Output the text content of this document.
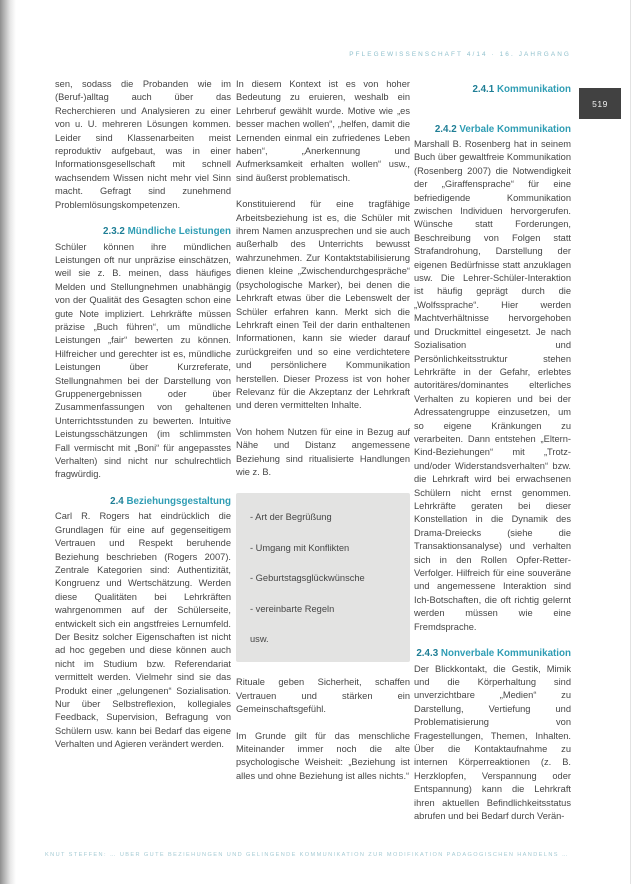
PFLEGEWISSENSCHAFT 4/14 · 16. JAHRGANG
519

sen, sodass die Probanden wie im (Beruf-)alltag auch über das Recherchieren und Analysieren zu einer von u. U. mehreren Lösungen kommen. Leider sind Klassenarbeiten meist reproduktiv aufgebaut, was in einer Informationsgesellschaft mit schnell wachsendem Wissen nicht mehr viel Sinn macht. Gefragt sind zunehmend Problemlösungskompetenzen.

2.3.2 Mündliche Leistungen

Schüler können ihre mündlichen Leistungen oft nur unpräzise einschätzen, weil sie z. B. meinen, dass häufiges Melden und Stellungnehmen unabhängig von der Qualität des Gesagten schon eine gute Note impliziert. Lehrkräfte müssen präzise „Buch führen“, um mündliche Leistungen „fair“ bewerten zu können. Hilfreicher und gerechter ist es, mündliche Leistungen über Kurzreferate, Stellungnahmen bei der Darstellung von Gruppenergebnissen oder über Zusammenfassungen von gehaltenen Unterrichtsstunden zu bewerten. Intuitive Leistungsschätzungen (im schlimmsten Fall vermischt mit „Boni“ für angepasstes Verhalten) sind nicht nur schulrechtlich fragwürdig.

2.4 Beziehungsgestaltung

Carl R. Rogers hat eindrücklich die Grundlagen für eine auf gegenseitigem Vertrauen und Respekt beruhende Beziehung beschrieben (Rogers 2007). Zentrale Kategorien sind: Authentizität, Kongruenz und Wertschätzung. Werden diese Qualitäten bei Lehrkräften wahrgenommen auf der Schülerseite, entwickelt sich ein angstfreies Lernumfeld. Der Besitz solcher Eigenschaften ist nicht ad hoc gegeben und diese können auch nicht im Studium bzw. Referendariat vermittelt werden. Vielmehr sind sie das Produkt einer „gelungenen“ Sozialisation. Nur über Selbstreflexion, kollegiales Feedback, Supervision, Befragung von Schülern usw. kann bei Bedarf das eigene Verhalten und Agieren verändert werden.

In diesem Kontext ist es von hoher Bedeutung zu eruieren, weshalb ein Lehrberuf gewählt wurde. Motive wie „es besser machen wollen“, „helfen, damit die Lernenden einmal ein zufriedenes Leben haben“, „Anerkennung und Aufmerksamkeit erhalten wollen“ usw., sind äußerst problematisch.

Konstituierend für eine tragfähige Arbeitsbeziehung ist es, die Schüler mit ihrem Namen anzusprechen und sie auch außerhalb des Unterrichts bewusst wahrzunehmen. Zur Kontaktstabilisierung dienen kleine „Zwischendurchgespräche“ (psychologische Marker), bei denen die Lehrkraft etwas über die Lebenswelt der Schüler erfahren kann. Merkt sich die Lehrkraft einen Teil der darin enthaltenen Informationen, kann sie wieder darauf zurückgreifen und so eine verdichtetere und persönlichere Kommunikation herstellen. Dieser Prozess ist von hoher Relevanz für die Akzeptanz der Lehrkraft und deren vermittelten Inhalte.

Von hohem Nutzen für eine in Bezug auf Nähe und Distanz angemessene Beziehung sind ritualisierte Handlungen wie z. B.

- Art der Begrüßung
- Umgang mit Konflikten
- Geburtstagsglückwünsche
- vereinbarte Regeln
usw.

Rituale geben Sicherheit, schaffen Vertrauen und stärken ein Gemeinschaftsgefühl.

Im Grunde gilt für das menschliche Miteinander immer noch die alte psychologische Weisheit: „Beziehung ist alles und ohne Beziehung ist alles nichts.“

2.4.1 Kommunikation
2.4.2 Verbale Kommunikation

Marshall B. Rosenberg hat in seinem Buch über gewaltfreie Kommunikation (Rosenberg 2007) die Notwendigkeit der „Giraffensprache“ für eine befriedigende Kommunikation zwischen Individuen hervorgerufen. Wünsche statt Forderungen, Beschreibung von Folgen statt Strafandrohung, Darstellung der eigenen Bedürfnisse statt anzuklagen usw. Die Lehrer-Schüler-Interaktion ist häufig geprägt durch die „Wolfssprache“. Hier werden Machtverhältnisse hervorgehoben und Druckmittel eingesetzt. Je nach Sozialisation und Persönlichkeitsstruktur stehen Lehrkräfte in der Gefahr, erlebtes autoritäres/dominantes elterliches Verhalten zu kopieren und bei der Adressatengruppe einzusetzen, um so eigene Kränkungen zu verarbeiten. Dann entstehen „Eltern-Kind-Beziehungen“ mit „Trotz- und/oder Widerstandsverhalten“ bzw. die Lehrkraft wird bei erwachsenen Schülern nicht ernst genommen. Lehrkräfte geraten bei dieser Konstellation in die Dynamik des Drama-Dreiecks (siehe die Transaktionsanalyse) und verhalten sich in den Rollen Opfer-Retter-Verfolger. Hilfreich für eine souveräne und angemessene Interaktion sind Ich-Botschaften, die oft richtig gelernt werden müssen wie eine Fremdsprache.

2.4.3 Nonverbale Kommunikation

Der Blickkontakt, die Gestik, Mimik und die Körperhaltung sind unverzichtbare „Medien“ zu Darstellung, Vertiefung und Problematisierung von Fragestellungen, Themen, Inhalten. Über die Kontaktaufnahme zu internen Körperreaktionen (z. B. Herzklopfen, Verspannung oder Entspannung) kann die Lehrkraft ihren aktuellen Befindlichkeitsstatus abrufen und bei Bedarf durch Verän-

KNUT STEFFEN: … ÜBER GUTE BEZIEHUNGEN UND GELINGENDE KOMMUNIKATION ZUR MODIFIKATION PÄDAGOGISCHEN HANDELNS …
